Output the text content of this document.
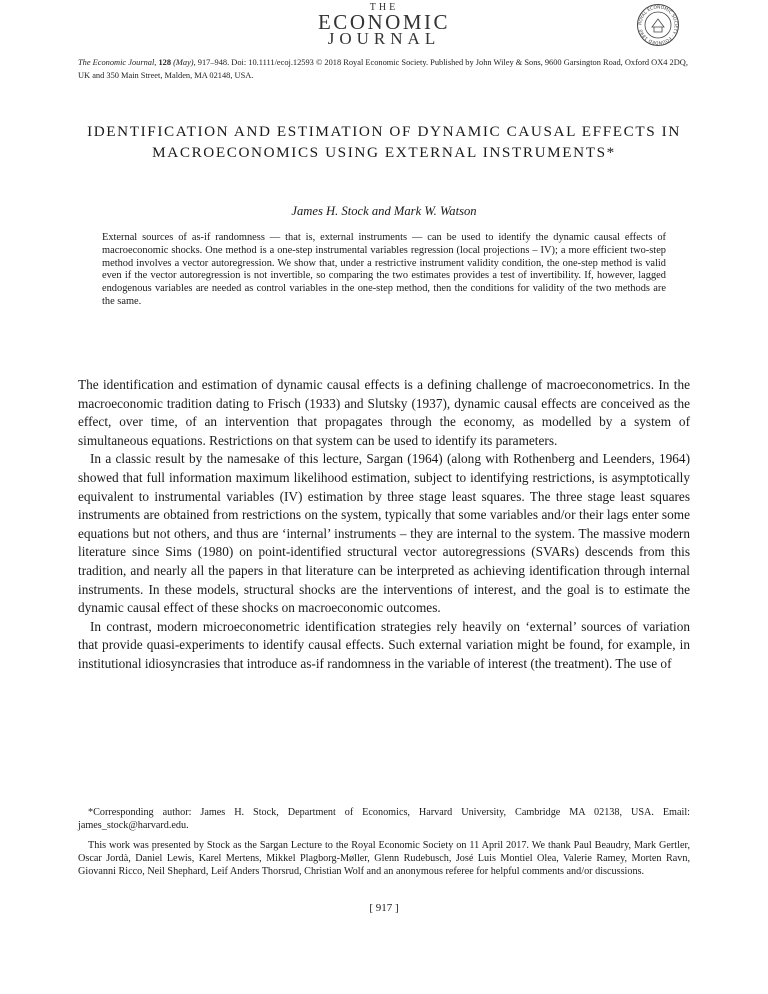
THE
ECONOMIC
JOURNAL
ROYAL ECONOMIC SOCIETY · FOUNDED 1890
The Economic Journal, 128 (May), 917–948. Doi: 10.1111/ecoj.12593 © 2018 Royal Economic Society. Published by John Wiley & Sons, 9600 Garsington Road, Oxford OX4 2DQ, UK and 350 Main Street, Malden, MA 02148, USA.
IDENTIFICATION AND ESTIMATION OF DYNAMIC CAUSAL EFFECTS IN MACROECONOMICS USING EXTERNAL INSTRUMENTS*
James H. Stock and Mark W. Watson
External sources of as-if randomness — that is, external instruments — can be used to identify the dynamic causal effects of macroeconomic shocks. One method is a one-step instrumental variables regression (local projections – IV); a more efficient two-step method involves a vector autoregression. We show that, under a restrictive instrument validity condition, the one-step method is valid even if the vector autoregression is not invertible, so comparing the two estimates provides a test of invertibility. If, however, lagged endogenous variables are needed as control variables in the one-step method, then the conditions for validity of the two methods are the same.

The identification and estimation of dynamic causal effects is a defining challenge of macroeconometrics. In the macroeconomic tradition dating to Frisch (1933) and Slutsky (1937), dynamic causal effects are conceived as the effect, over time, of an intervention that propagates through the economy, as modelled by a system of simultaneous equations. Restrictions on that system can be used to identify its parameters.

In a classic result by the namesake of this lecture, Sargan (1964) (along with Rothenberg and Leenders, 1964) showed that full information maximum likelihood estimation, subject to identifying restrictions, is asymptotically equivalent to instrumental variables (IV) estimation by three stage least squares. The three stage least squares instruments are obtained from restrictions on the system, typically that some variables and/or their lags enter some equations but not others, and thus are ‘internal’ instruments – they are internal to the system. The massive modern literature since Sims (1980) on point-identified structural vector autoregressions (SVARs) descends from this tradition, and nearly all the papers in that literature can be interpreted as achieving identification through internal instruments. In these models, structural shocks are the interventions of interest, and the goal is to estimate the dynamic causal effect of these shocks on macroeconomic outcomes.

In contrast, modern microeconometric identification strategies rely heavily on ‘external’ sources of variation that provide quasi-experiments to identify causal effects. Such external variation might be found, for example, in institutional idiosyncrasies that introduce as-if randomness in the variable of interest (the treatment). The use of

*Corresponding author: James H. Stock, Department of Economics, Harvard University, Cambridge MA 02138, USA. Email: james_stock@harvard.edu.

This work was presented by Stock as the Sargan Lecture to the Royal Economic Society on 11 April 2017. We thank Paul Beaudry, Mark Gertler, Oscar Jordà, Daniel Lewis, Karel Mertens, Mikkel Plagborg-Møller, Glenn Rudebusch, José Luis Montiel Olea, Valerie Ramey, Morten Ravn, Giovanni Ricco, Neil Shephard, Leif Anders Thorsrud, Christian Wolf and an anonymous referee for helpful comments and/or discussions.

[ 917 ]
